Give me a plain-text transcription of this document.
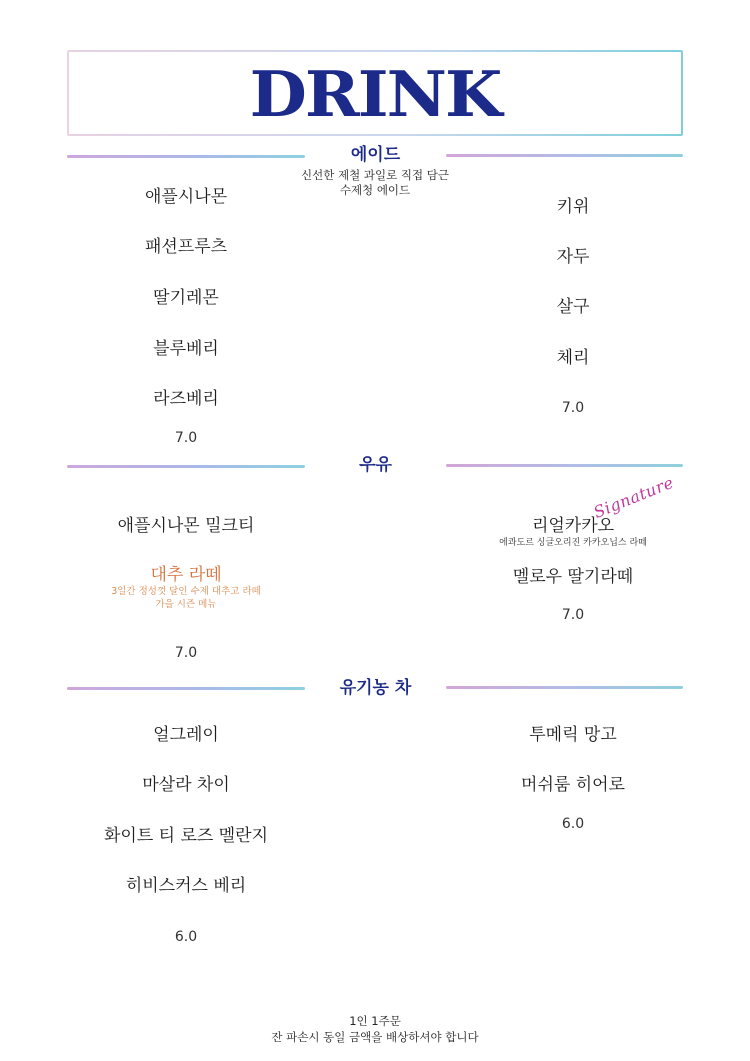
DRINK
에이드
신선한 제철 과일로 직접 담근
수제청 에이드
애플시나몬
패션프루츠
딸기레몬
블루베리
라즈베리
7.0
키위
자두
살구
체리
7.0
우유
애플시나몬 밀크티
대추 라떼
3일간 정성껏 달인 수제 대추고 라떼
가을 시즌 메뉴
7.0
리얼카카오
Signature
에콰도르 싱글오리진 카카오닙스 라떼
멜로우 딸기라떼
7.0
유기농 차
얼그레이
마살라 차이
화이트 티 로즈 멜란지
히비스커스 베리
6.0
투메릭 망고
머쉬룸 히어로
6.0
1인 1주문
잔 파손시 동일 금액을 배상하셔야 합니다
